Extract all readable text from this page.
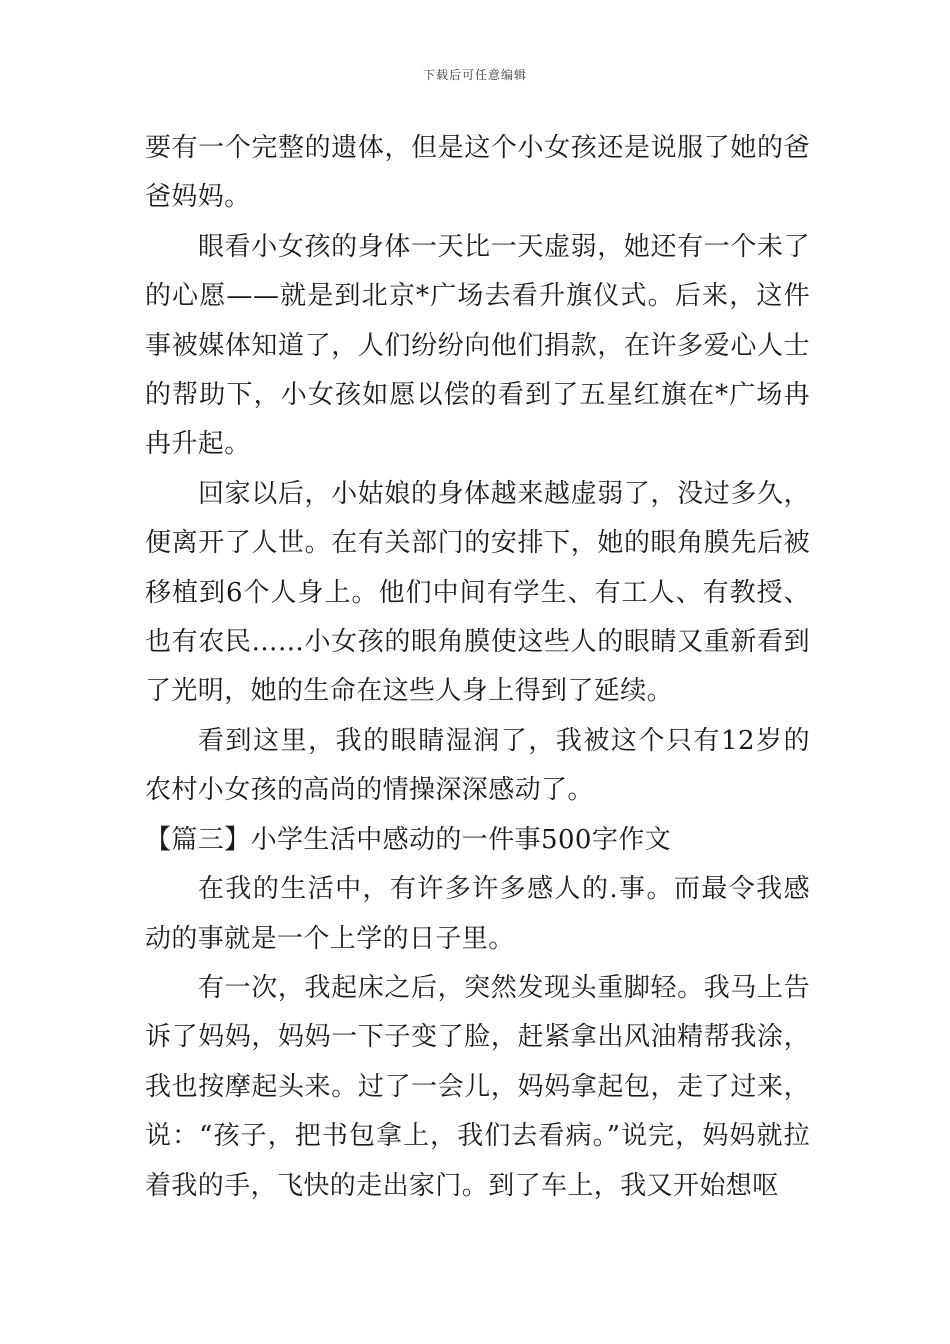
下载后可任意编辑

要有一个完整的遗体，但是这个小女孩还是说服了她的爸爸妈妈。

眼看小女孩的身体一天比一天虚弱，她还有一个未了的心愿——就是到北京*广场去看升旗仪式。后来，这件事被媒体知道了，人们纷纷向他们捐款，在许多爱心人士的帮助下，小女孩如愿以偿的看到了五星红旗在*广场冉冉升起。

回家以后，小姑娘的身体越来越虚弱了，没过多久，便离开了人世。在有关部门的安排下，她的眼角膜先后被移植到6个人身上。他们中间有学生、有工人、有教授、也有农民……小女孩的眼角膜使这些人的眼睛又重新看到了光明，她的生命在这些人身上得到了延续。

看到这里，我的眼睛湿润了，我被这个只有12岁的农村小女孩的高尚的情操深深感动了。

【篇三】小学生活中感动的一件事500字作文

在我的生活中，有许多许多感人的.事。而最令我感动的事就是一个上学的日子里。

有一次，我起床之后，突然发现头重脚轻。我马上告诉了妈妈，妈妈一下子变了脸，赶紧拿出风油精帮我涂，我也按摩起头来。过了一会儿，妈妈拿起包，走了过来，说：“孩子，把书包拿上，我们去看病。”说完，妈妈就拉着我的手，飞快的走出家门。到了车上，我又开始想呕
